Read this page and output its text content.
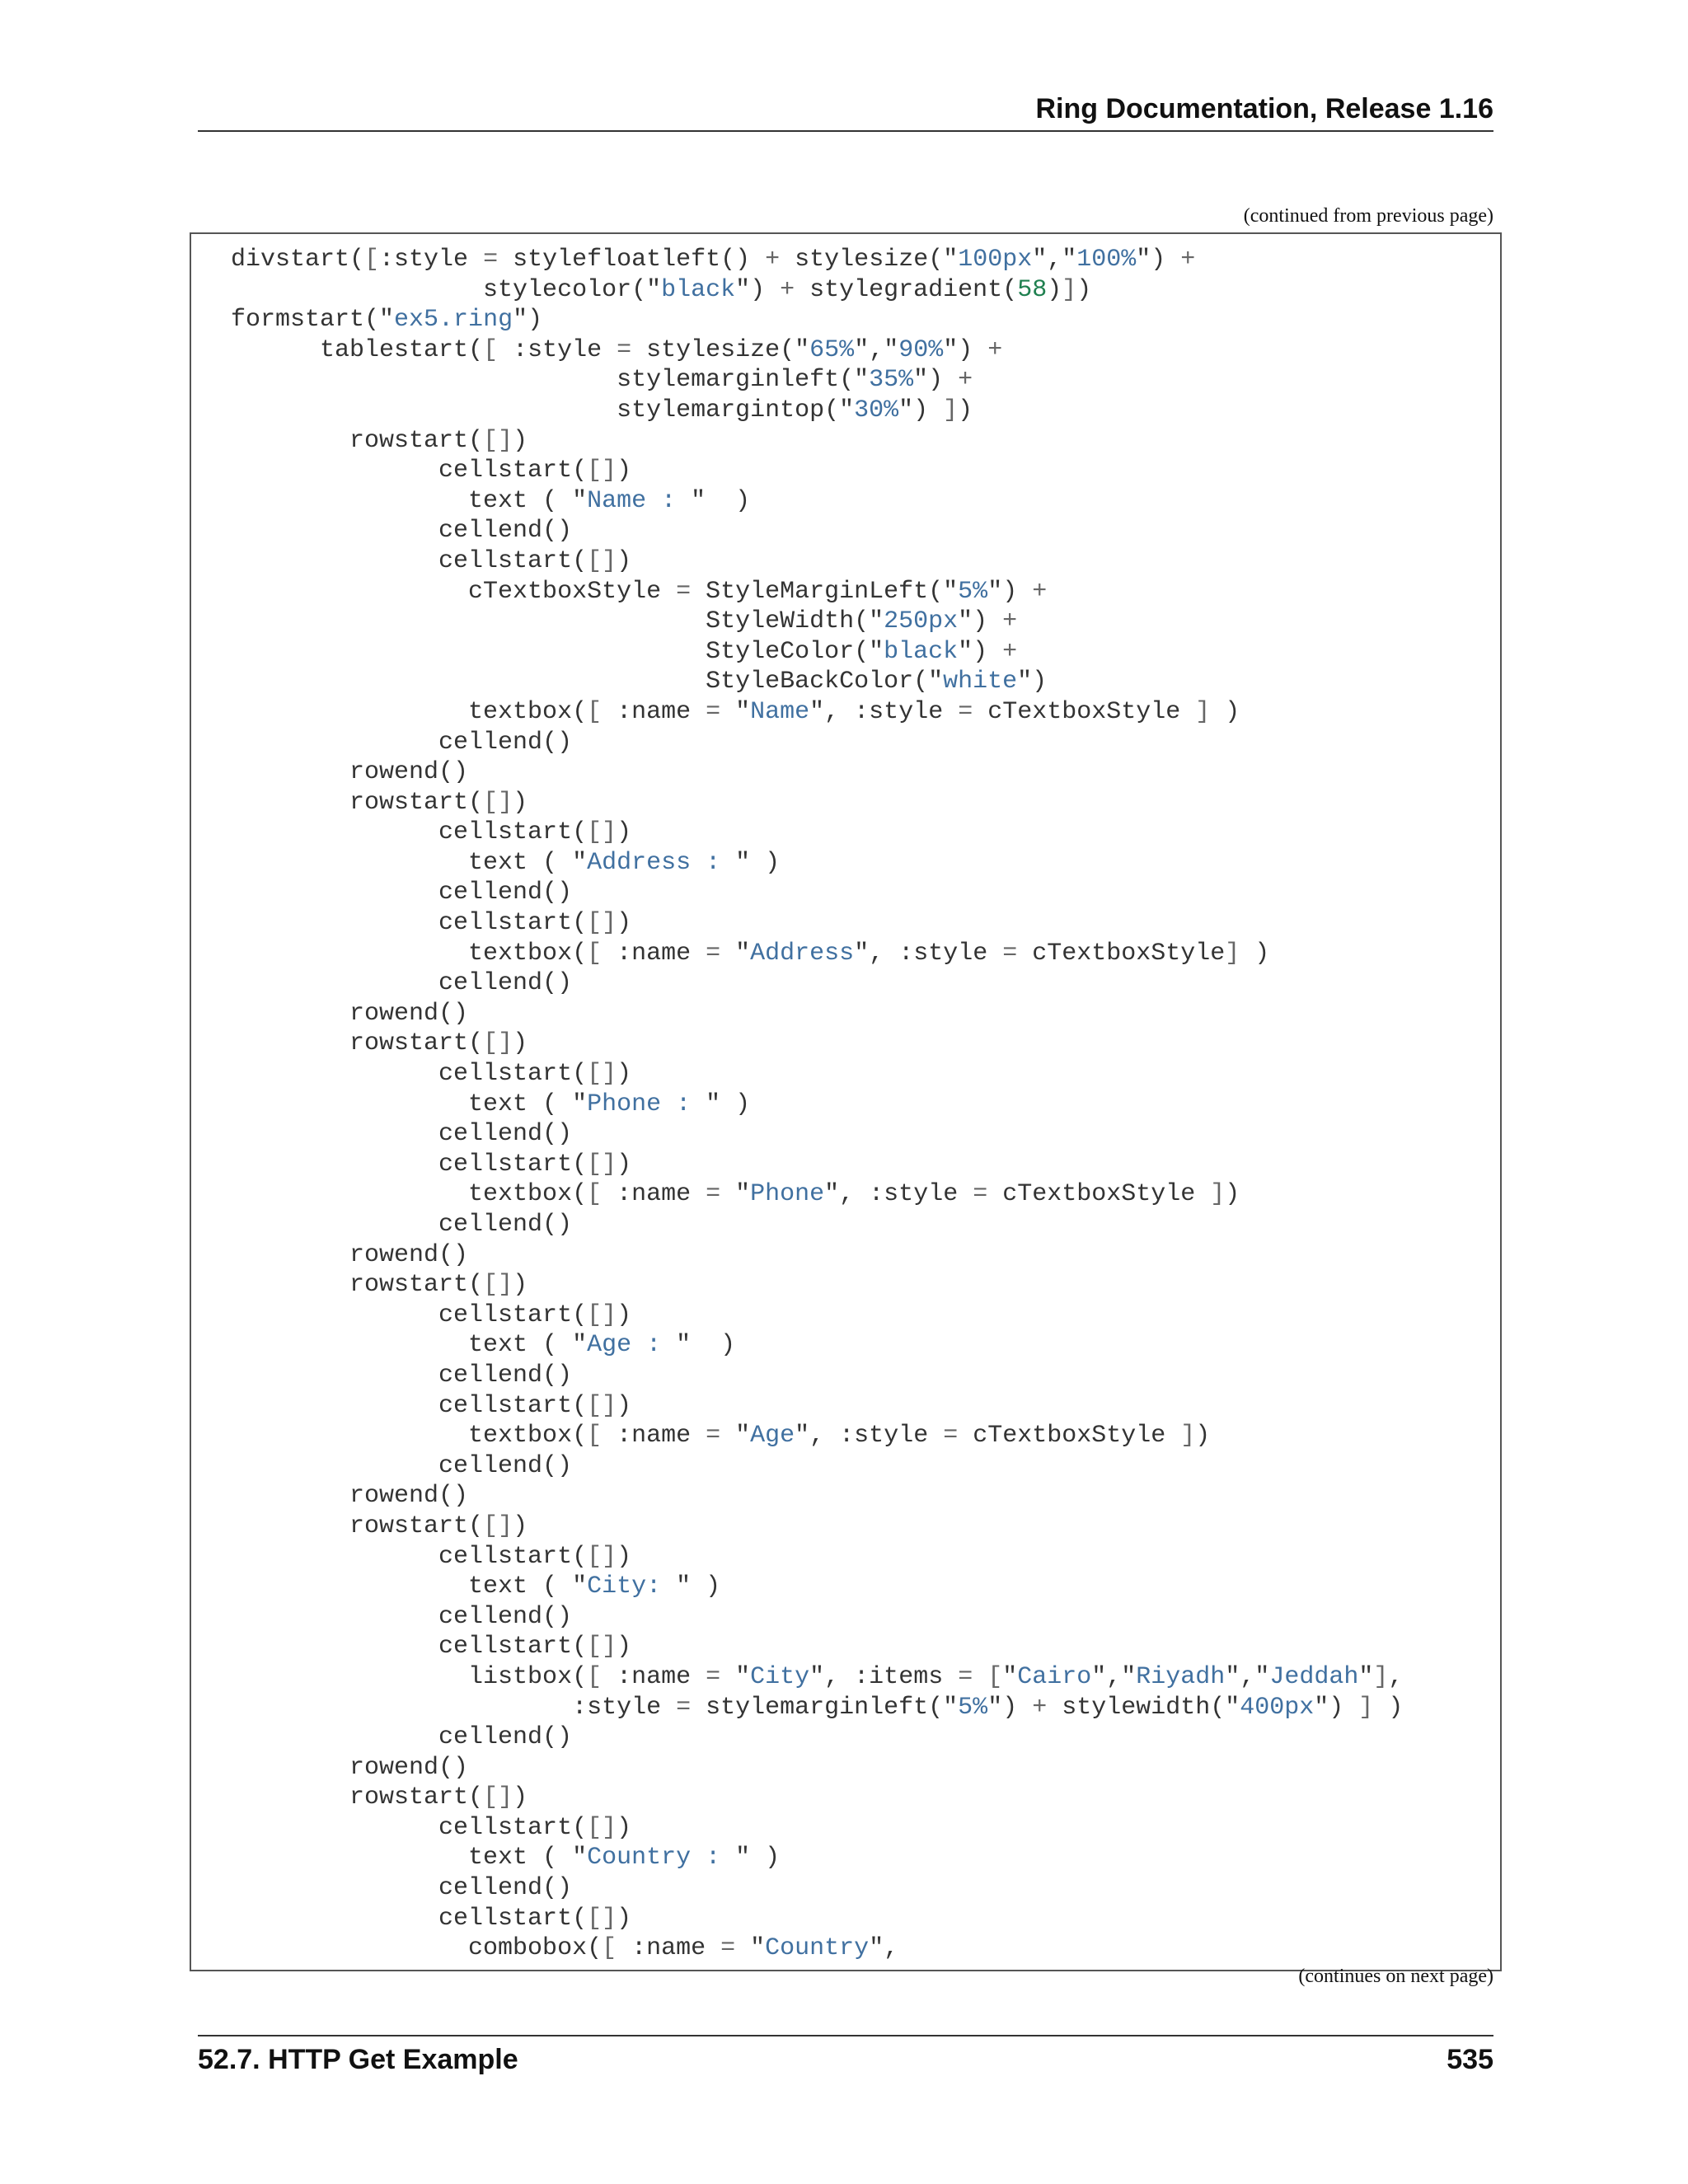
Ring Documentation, Release 1.16
(continued from previous page)
divstart([:style = stylefloatleft() + stylesize("100px","100%") +
stylecolor("black") + stylegradient(58)])
formstart("ex5.ring")
tablestart([ :style = stylesize("65%","90%") +
stylemarginleft("35%") +
stylemargintop("30%") ])
rowstart([])
cellstart([])
text ( "Name : "  )
cellend()
cellstart([])
cTextboxStyle = StyleMarginLeft("5%") +
StyleWidth("250px") +
StyleColor("black") +
StyleBackColor("white")
textbox([ :name = "Name", :style = cTextboxStyle ] )
cellend()
rowend()
rowstart([])
cellstart([])
text ( "Address : " )
cellend()
cellstart([])
textbox([ :name = "Address", :style = cTextboxStyle] )
cellend()
rowend()
rowstart([])
cellstart([])
text ( "Phone : " )
cellend()
cellstart([])
textbox([ :name = "Phone", :style = cTextboxStyle ])
cellend()
rowend()
rowstart([])
cellstart([])
text ( "Age : "  )
cellend()
cellstart([])
textbox([ :name = "Age", :style = cTextboxStyle ])
cellend()
rowend()
rowstart([])
cellstart([])
text ( "City: " )
cellend()
cellstart([])
listbox([ :name = "City", :items = ["Cairo","Riyadh","Jeddah"],
:style = stylemarginleft("5%") + stylewidth("400px") ] )
cellend()
rowend()
rowstart([])
cellstart([])
text ( "Country : " )
cellend()
cellstart([])
combobox([ :name = "Country",
(continues on next page)
52.7. HTTP Get Example	535
